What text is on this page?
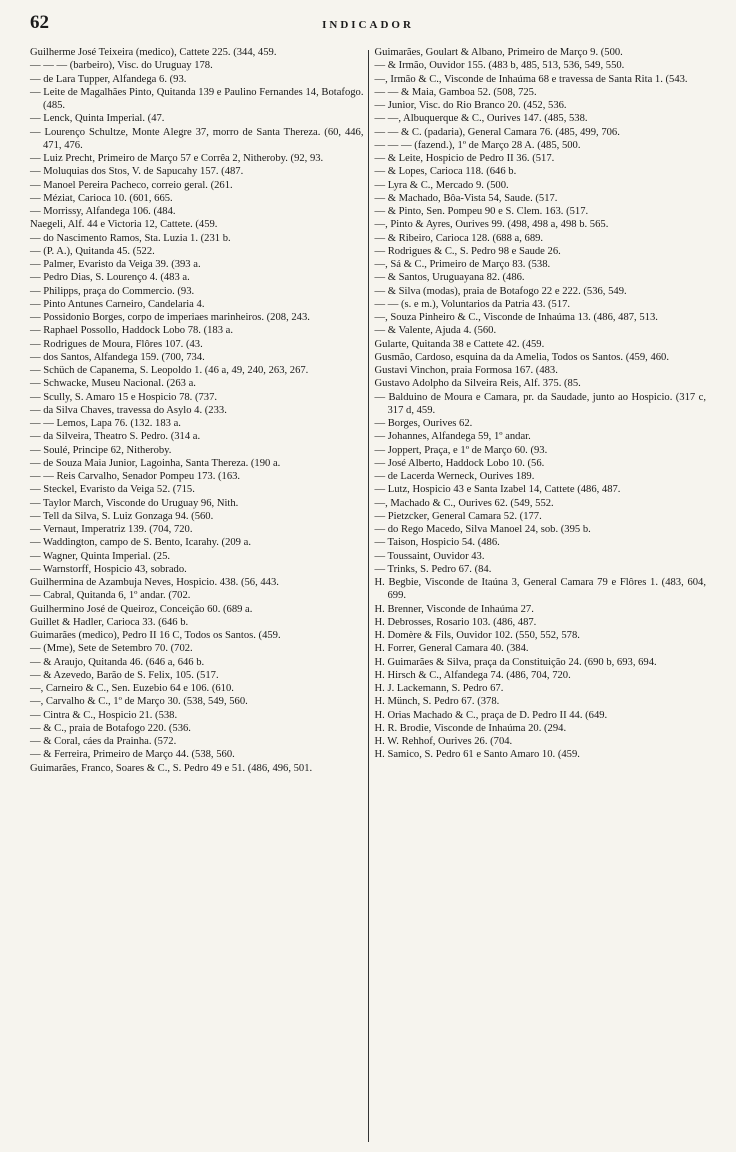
62	INDICADOR

Guilherme José Teixeira (medico), Cattete 225. (344, 459.

— — — (barbeiro), Visc. do Uruguay 178.

— de Lara Tupper, Alfandega 6. (93.

— Leite de Magalhães Pinto, Quitanda 139 e Paulino Fernandes 14, Botafogo. (485.

— Lenck, Quinta Imperial. (47.

— Lourenço Schultze, Monte Alegre 37, morro de Santa Thereza. (60, 446, 471, 476.

— Luiz Precht, Primeiro de Março 57 e Corrêa 2, Nitheroby. (92, 93.

— Moluquias dos Stos, V. de Sapucahy 157. (487.

— Manoel Pereira Pacheco, correio geral. (261.

— Méziat, Carioca 10. (601, 665.

— Morrissy, Alfandega 106. (484.

Naegeli, Alf. 44 e Victoria 12, Cattete. (459.

— do Nascimento Ramos, Sta. Luzia 1. (231 b.

— (P. A.), Quitanda 45. (522.

— Palmer, Evaristo da Veiga 39. (393 a.

— Pedro Dias, S. Lourenço 4. (483 a.

— Philipps, praça do Commercio. (93.

— Pinto Antunes Carneiro, Candelaria 4.

— Possidonio Borges, corpo de imperiaes marinheiros. (208, 243.

— Raphael Possollo, Haddock Lobo 78. (183 a.

— Rodrigues de Moura, Flôres 107. (43.

— dos Santos, Alfandega 159. (700, 734.

— Schüch de Capanema, S. Leopoldo 1. (46 a, 49, 240, 263, 267.

— Schwacke, Museu Nacional. (263 a.

— Scully, S. Amaro 15 e Hospicio 78. (737.

— da Silva Chaves, travessa do Asylo 4. (233.

— — Lemos, Lapa 76. (132. 183 a.

— da Silveira, Theatro S. Pedro. (314 a.

— Soulé, Principe 62, Nitheroby.

— de Souza Maia Junior, Lagoinha, Santa Thereza. (190 a.

— — Reis Carvalho, Senador Pompeu 173. (163.

— Steckel, Evaristo da Veiga 52. (715.

— Taylor March, Visconde do Uruguay 96, Nith.

— Tell da Silva, S. Luiz Gonzaga 94. (560.

— Vernaut, Imperatriz 139. (704, 720.

— Waddington, campo de S. Bento, Icarahy. (209 a.

— Wagner, Quinta Imperial. (25.

— Warnstorff, Hospicio 43, sobrado.

Guilhermina de Azambuja Neves, Hospicio. 438. (56, 443.

— Cabral, Quitanda 6, 1º andar. (702.

Guilhermino José de Queiroz, Conceição 60. (689 a.

Guillet & Hadler, Carioca 33. (646 b.

Guimarães (medico), Pedro II 16 C, Todos os Santos. (459.

— (Mme), Sete de Setembro 70. (702.

— & Araujo, Quitanda 46. (646 a, 646 b.

— & Azevedo, Barão de S. Felix, 105. (517.

—, Carneiro & C., Sen. Euzebio 64 e 106. (610.

—, Carvalho & C., 1º de Março 30. (538, 549, 560.

— Cintra & C., Hospicio 21. (538.

— & C., praia de Botafogo 220. (536.

— & Coral, cáes da Prainha. (572.

— & Ferreira, Primeiro de Março 44. (538, 560.

Guimarães, Franco, Soares & C., S. Pedro 49 e 51. (486, 496, 501.

Guimarães, Goulart & Albano, Primeiro de Março 9. (500.

— & Irmão, Ouvidor 155. (483 b, 485, 513, 536, 549, 550.

—, Irmão & C., Visconde de Inhaúma 68 e travessa de Santa Rita 1. (543.

— — & Maia, Gamboa 52. (508, 725.

— Junior, Visc. do Rio Branco 20. (452, 536.

— —, Albuquerque & C., Ourives 147. (485, 538.

— — & C. (padaria), General Camara 76. (485, 499, 706.

— — — (fazend.), 1º de Março 28 A. (485, 500.

— & Leite, Hospicio de Pedro II 36. (517.

— & Lopes, Carioca 118. (646 b.

— Lyra & C., Mercado 9. (500.

— & Machado, Bôa-Vista 54, Saude. (517.

— & Pinto, Sen. Pompeu 90 e S. Clem. 163. (517.

—, Pinto & Ayres, Ourives 99. (498, 498 a, 498 b. 565.

— & Ribeiro, Carioca 128. (688 a, 689.

— Rodrigues & C., S. Pedro 98 e Saude 26.

—, Sá & C., Primeiro de Março 83. (538.

— & Santos, Uruguayana 82. (486.

— & Silva (modas), praia de Botafogo 22 e 222. (536, 549.

— — (s. e m.), Voluntarios da Patria 43. (517.

—, Souza Pinheiro & C., Visconde de Inhaúma 13. (486, 487, 513.

— & Valente, Ajuda 4. (560.

Gularte, Quitanda 38 e Cattete 42. (459.

Gusmão, Cardoso, esquina da da Amelia, Todos os Santos. (459, 460.

Gustavi Vinchon, praia Formosa 167. (483.

Gustavo Adolpho da Silveira Reis, Alf. 375. (85.

— Balduino de Moura e Camara, pr. da Saudade, junto ao Hospicio. (317 c, 317 d, 459.

— Borges, Ourives 62.

— Johannes, Alfandega 59, 1º andar.

— Joppert, Praça, e 1º de Março 60. (93.

— José Alberto, Haddock Lobo 10. (56.

— de Lacerda Werneck, Ourives 189.

— Lutz, Hospicio 43 e Santa Izabel 14, Cattete (486, 487.

—, Machado & C., Ourives 62. (549, 552.

— Pietzcker, General Camara 52. (177.

— do Rego Macedo, Silva Manoel 24, sob. (395 b.

— Taison, Hospicio 54. (486.

— Toussaint, Ouvidor 43.

— Trinks, S. Pedro 67. (84.

H. Begbie, Visconde de Itaúna 3, General Camara 79 e Flôres 1. (483, 604, 699.

H. Brenner, Visconde de Inhaúma 27.

H. Debrosses, Rosario 103. (486, 487.

H. Domère & Fils, Ouvidor 102. (550, 552, 578.

H. Forrer, General Camara 40. (384.

H. Guimarães & Silva, praça da Constituição 24. (690 b, 693, 694.

H. Hirsch & C., Alfandega 74. (486, 704, 720.

H. J. Lackemann, S. Pedro 67.

H. Münch, S. Pedro 67. (378.

H. Orias Machado & C., praça de D. Pedro II 44. (649.

H. R. Brodie, Visconde de Inhaúma 20. (294.

H. W. Rehhof, Ourives 26. (704.

H. Samico, S. Pedro 61 e Santo Amaro 10. (459.
